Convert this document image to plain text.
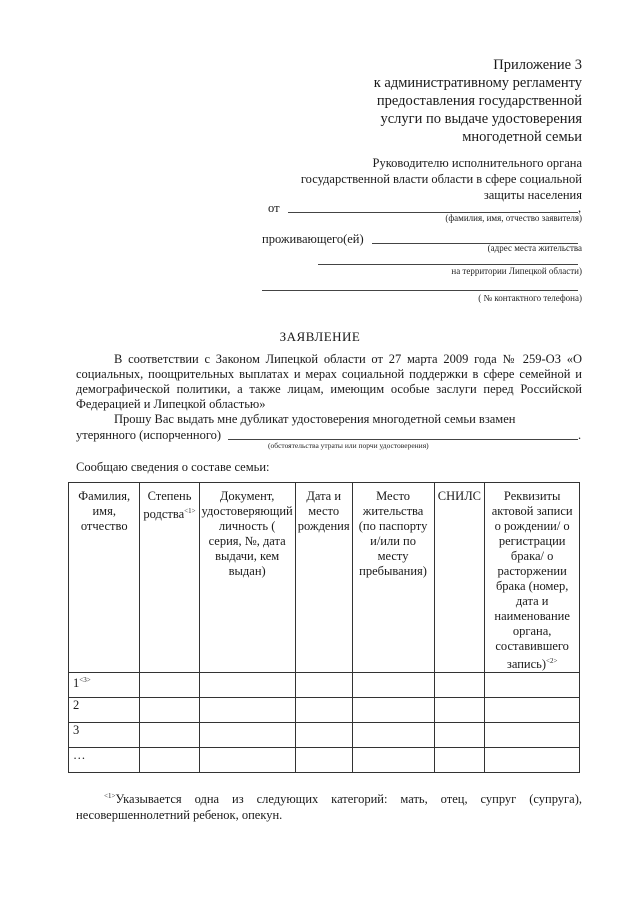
Приложение 3
к административному регламенту
предоставления государственной
услуги по выдаче удостоверения
многодетной семьи
Руководителю исполнительного органа
государственной власти области в сфере социальной
защиты населения
от	,
(фамилия, имя, отчество заявителя)
проживающего(ей)
(адрес места жительства
на территории Липецкой области)
( № контактного телефона)
ЗАЯВЛЕНИЕ
В соответствии с Законом Липецкой области от 27 марта 2009 года № 259-ОЗ «О социальных, поощрительных выплатах и мерах социальной поддержки в сфере семейной и демографической политики, а также лицам, имеющим особые заслуги перед Российской Федерацией и Липецкой областью»
Прошу Вас выдать мне дубликат удостоверения многодетной семьи взамен
утерянного (испорченного)	.
(обстоятельства утраты или порчи удостоверения)
Сообщаю сведения о составе семьи:
Фамилия, имя, отчество	Степень родства$^{<1>}$	Документ, удостоверяющий личность ( серия, №, дата выдачи, кем выдан)	Дата и место рождения	Место жительства (по паспорту и/или по месту пребывания)	СНИЛС	Реквизиты актовой записи о рождении/ о регистрации брака/ о расторжении брака (номер, дата и наименование органа, составившего запись)$^{<2>}$
1$^{<3>}$						
2						
3						
…						
$^{<1>}$Указывается одна из следующих категорий: мать, отец, супруг (супруга), несовершеннолетний ребенок, опекун.
